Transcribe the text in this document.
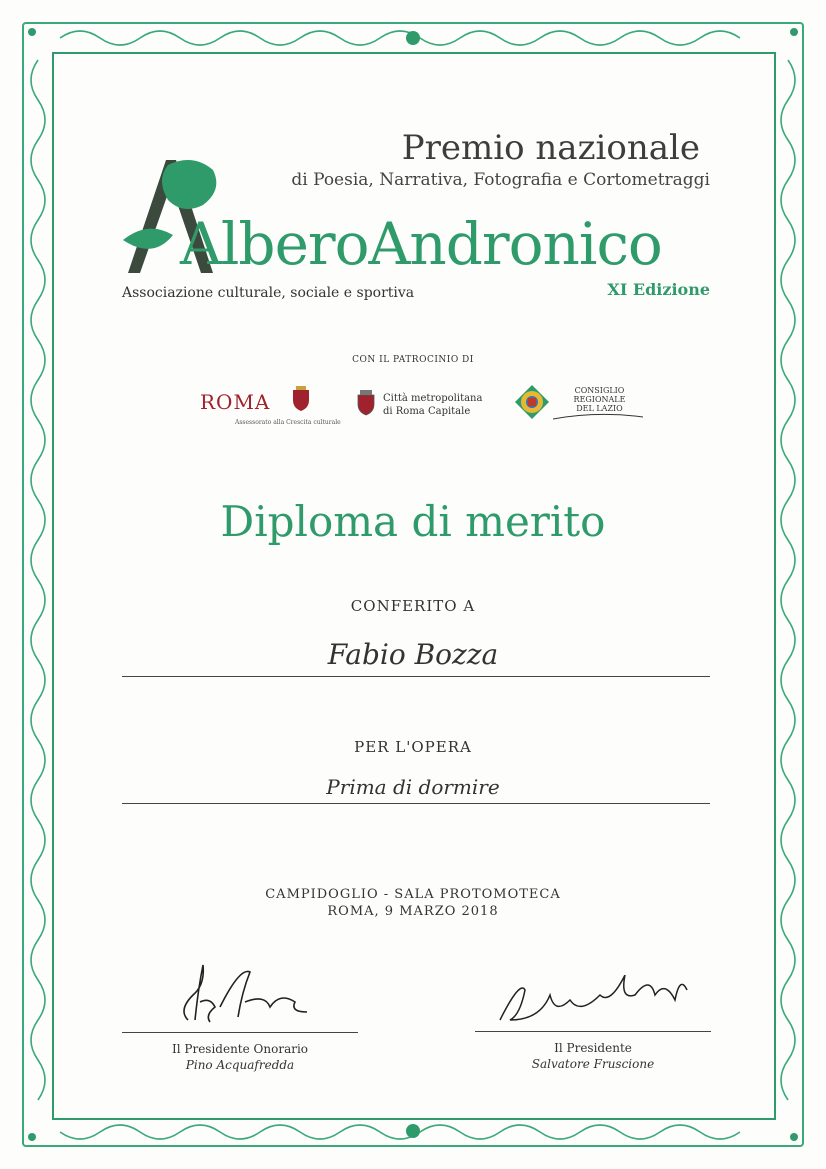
Premio nazionale
di Poesia, Narrativa, Fotografia e Cortometraggi
AlberoAndronico
Associazione culturale, sociale e sportiva	XI Edizione
CON IL PATROCINIO DI
ROMA
Assessorato alla Crescita culturale
Città metropolitana
di Roma Capitale
CONSIGLIO
REGIONALE
DEL LAZIO
Diploma di merito
CONFERITO A
Fabio Bozza
PER L'OPERA
Prima di dormire
CAMPIDOGLIO - SALA PROTOMOTECA
ROMA, 9 MARZO 2018
Il Presidente Onorario
Pino Acquafredda
Il Presidente
Salvatore Fruscione
